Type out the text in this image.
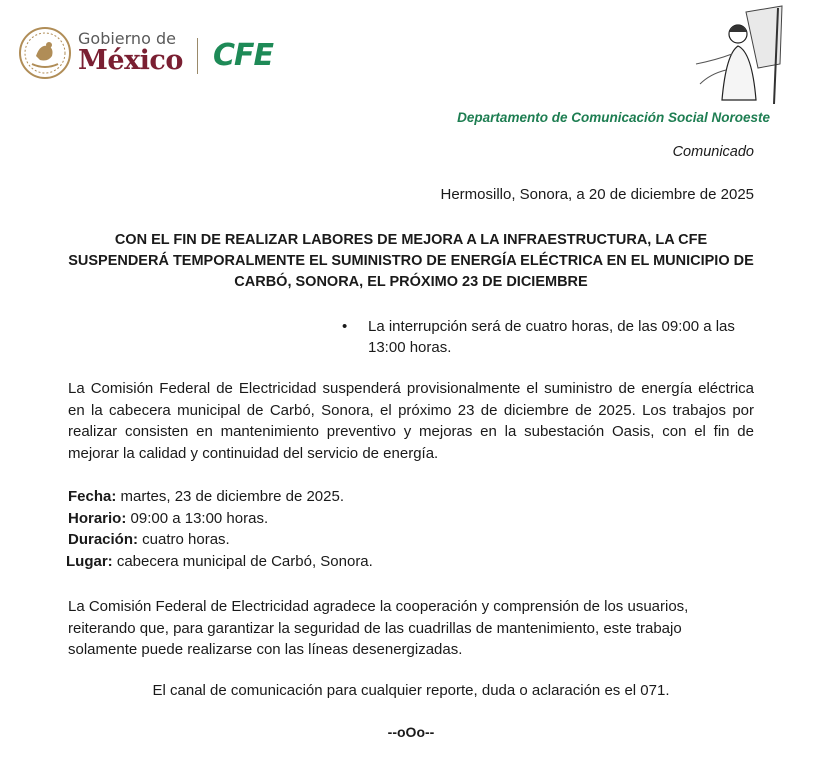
Gobierno de
México CFE
Departamento de Comunicación Social Noroeste
Comunicado
Hermosillo, Sonora, a 20 de diciembre de 2025
CON EL FIN DE REALIZAR LABORES DE MEJORA A LA INFRAESTRUCTURA, LA CFE SUSPENDERÁ TEMPORALMENTE EL SUMINISTRO DE ENERGÍA ELÉCTRICA EN EL MUNICIPIO DE CARBÓ, SONORA, EL PRÓXIMO 23 DE DICIEMBRE
•	La interrupción será de cuatro horas, de las 09:00 a las 13:00 horas.
La Comisión Federal de Electricidad suspenderá provisionalmente el suministro de energía eléctrica en la cabecera municipal de Carbó, Sonora, el próximo 23 de diciembre de 2025. Los trabajos por realizar consisten en mantenimiento preventivo y mejoras en la subestación Oasis, con el fin de mejorar la calidad y continuidad del servicio de energía.
Fecha: martes, 23 de diciembre de 2025.
Horario: 09:00 a 13:00 horas.
Duración: cuatro horas.
Lugar: cabecera municipal de Carbó, Sonora.
La Comisión Federal de Electricidad agradece la cooperación y comprensión de los usuarios, reiterando que, para garantizar la seguridad de las cuadrillas de mantenimiento, este trabajo solamente puede realizarse con las líneas desenergizadas.
El canal de comunicación para cualquier reporte, duda o aclaración es el 071.
--oOo--
